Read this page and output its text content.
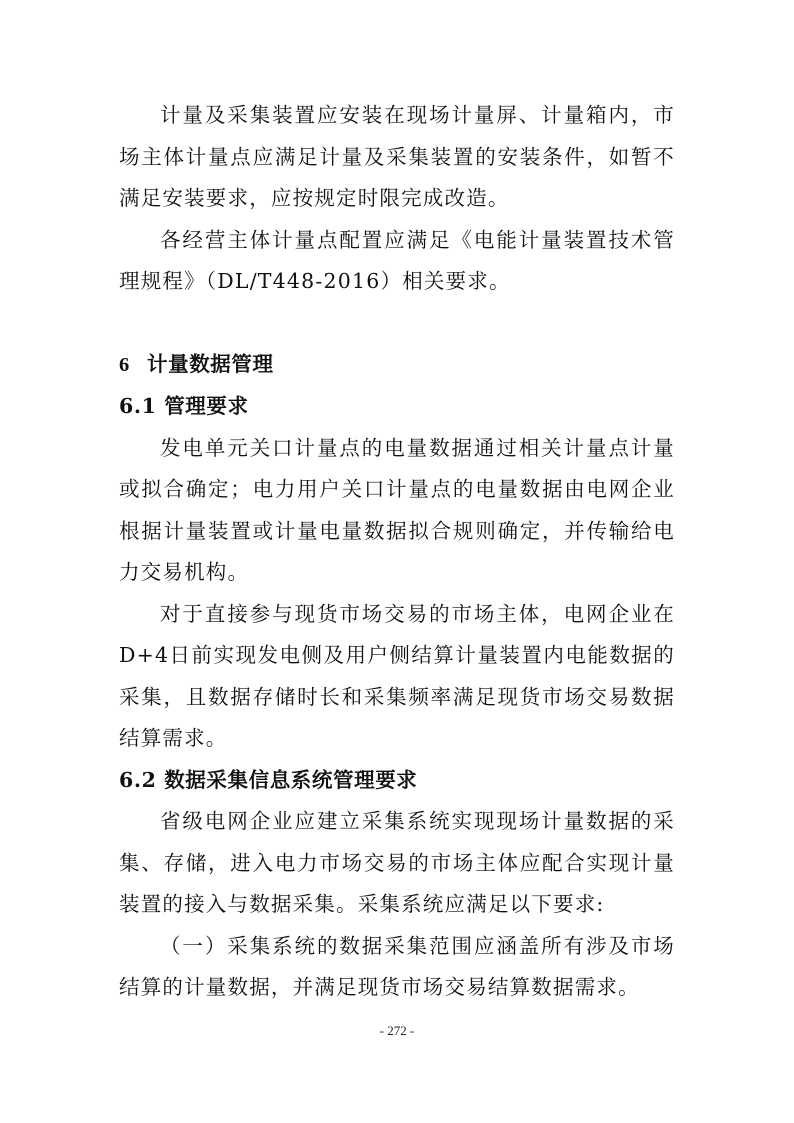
计量及采集装置应安装在现场计量屏、计量箱内，市场主体计量点应满足计量及采集装置的安装条件，如暂不满足安装要求，应按规定时限完成改造。

各经营主体计量点配置应满足《电能计量装置技术管理规程》（DL/T448-2016）相关要求。

6 计量数据管理
6.1 管理要求

发电单元关口计量点的电量数据通过相关计量点计量或拟合确定；电力用户关口计量点的电量数据由电网企业根据计量装置或计量电量数据拟合规则确定，并传输给电力交易机构。

对于直接参与现货市场交易的市场主体，电网企业在D+4日前实现发电侧及用户侧结算计量装置内电能数据的采集，且数据存储时长和采集频率满足现货市场交易数据结算需求。

6.2 数据采集信息系统管理要求

省级电网企业应建立采集系统实现现场计量数据的采集、存储，进入电力市场交易的市场主体应配合实现计量装置的接入与数据采集。采集系统应满足以下要求:

（一）采集系统的数据采集范围应涵盖所有涉及市场结算的计量数据，并满足现货市场交易结算数据需求。

- 272 -
